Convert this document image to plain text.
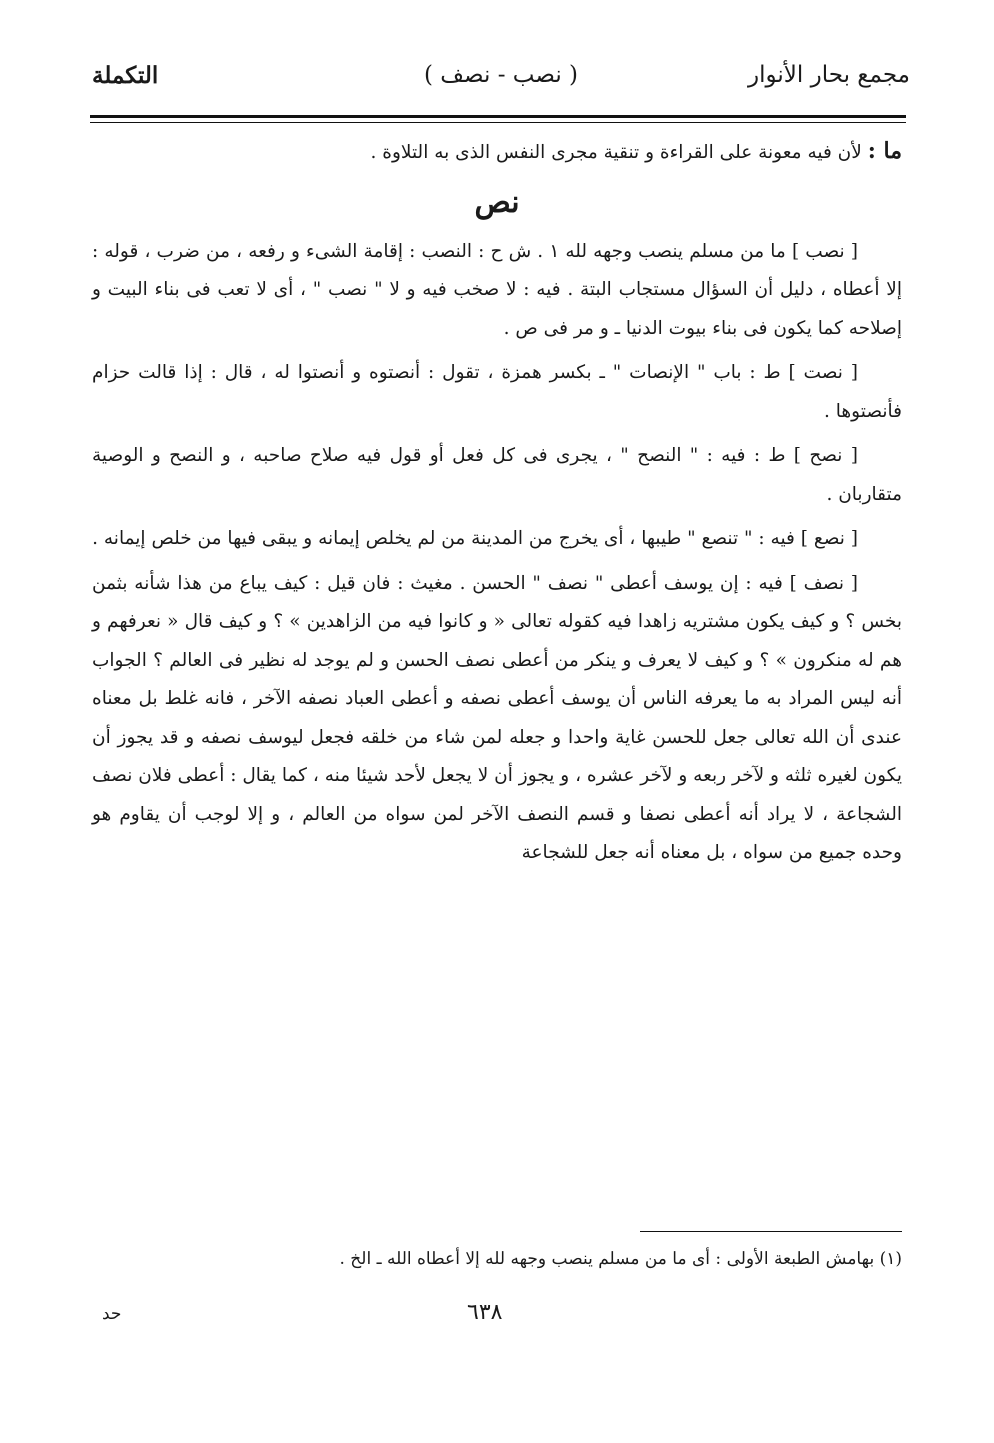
مجمع بحار الأنوار
( نصب - نصف )
التكملة

ما : لأن فيه معونة على القراءة و تنقية مجرى النفس الذى به التلاوة .

نص

[ نصب ] ما من مسلم ينصب وجهه لله ١ . ش ح : النصب : إقامة الشىء و رفعه ، من ضرب ، قوله : إلا أعطاه ، دليل أن السؤال مستجاب البتة . فيه : لا صخب فيه و لا " نصب " ، أى لا تعب فى بناء البيت و إصلاحه كما يكون فى بناء بيوت الدنيا ـ و مر فى ص .

[ نصت ] ط : باب " الإنصات " ـ بكسر همزة ، تقول : أنصتوه و أنصتوا له ، قال : إذا قالت حزام فأنصتوها .

[ نصح ] ط : فيه : " النصح " ، يجرى فى كل فعل أو قول فيه صلاح صاحبه ، و النصح و الوصية متقاربان .

[ نصع ] فيه : " تنصع " طيبها ، أى يخرج من المدينة من لم يخلص إيمانه و يبقى فيها من خلص إيمانه .

[ نصف ] فيه : إن يوسف أعطى " نصف " الحسن . مغيث : فان قيل : كيف يباع من هذا شأنه بثمن بخس ؟ و كيف يكون مشتريه زاهدا فيه كقوله تعالى « و كانوا فيه من الزاهدين » ؟ و كيف قال « نعرفهم و هم له منكرون » ؟ و كيف لا يعرف و ينكر من أعطى نصف الحسن و لم يوجد له نظير فى العالم ؟ الجواب أنه ليس المراد به ما يعرفه الناس أن يوسف أعطى نصفه و أعطى العباد نصفه الآخر ، فانه غلط بل معناه عندى أن الله تعالى جعل للحسن غاية واحدا و جعله لمن شاء من خلقه فجعل ليوسف نصفه و قد يجوز أن يكون لغيره ثلثه و لآخر ربعه و لآخر عشره ، و يجوز أن لا يجعل لأحد شيئا منه ، كما يقال : أعطى فلان نصف الشجاعة ، لا يراد أنه أعطى نصفا و قسم النصف الآخر لمن سواه من العالم ، و إلا لوجب أن يقاوم هو وحده جميع من سواه ، بل معناه أنه جعل للشجاعة

(١) بهامش الطبعة الأولى : أى ما من مسلم ينصب وجهه لله إلا أعطاه الله ـ الخ .
٦٣٨
حد
